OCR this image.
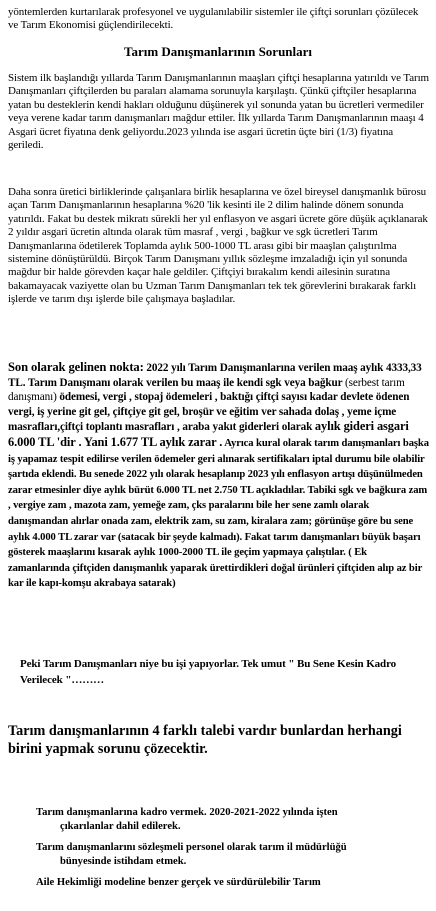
yöntemlerden kurtarılarak profesyonel ve uygulanılabilir sistemler ile çiftçi sorunları çözülecek ve Tarım Ekonomisi güçlendirilecekti.

Tarım Danışmanlarının Sorunları

Sistem ilk başlandığı yıllarda Tarım Danışmanlarının maaşları çiftçi hesaplarına yatırıldı ve Tarım Danışmanları çiftçilerden bu paraları alamama sorunuyla karşılaştı. Çünkü çiftçiler hesaplarına yatan bu desteklerin kendi hakları olduğunu düşünerek yıl sonunda yatan bu ücretleri vermediler veya verene kadar tarım danışmanları mağdur ettiler. İlk yıllarda Tarım Danışmanlarının maaşı 4 Asgari ücret fiyatına denk geliyordu.2023 yılında ise asgari ücretin üçte biri (1/3) fiyatına geriledi.

Daha sonra üretici birliklerinde çalışanlara birlik hesaplarına ve özel bireysel danışmanlık bürosu açan Tarım Danışmanlarının hesaplarına %20 'lik kesinti ile 2 dilim halinde dönem sonunda yatırıldı. Fakat bu destek mikratı sürekli her yıl enflasyon ve asgari ücrete göre düşük açıklanarak 2 yıldır asgari ücretin altında olarak tüm masraf , vergi , bağkur ve sgk ücretleri Tarım Danışmanlarına ödetilerek Toplamda aylık 500-1000 TL arası gibi bir maaşlan çalıştırılma sistemine dönüştürüldü. Birçok Tarım Danışmanı yıllık sözleşme imzaladığı için yıl sonunda mağdur bir halde görevden kaçar hale geldiler. Çiftçiyi bırakalım kendi ailesinin suratına bakamayacak vaziyette olan bu Uzman Tarım Danışmanları tek tek görevlerini bırakarak farklı işlerde ve tarım dışı işlerde bile çalışmaya başladılar.

Son olarak gelinen nokta: 2022 yılı Tarım Danışmanlarına verilen maaş aylık 4333,33 TL. Tarım Danışmanı olarak verilen bu maaş ile kendi sgk veya bağkur (serbest tarım danışmanı) ödemesi, vergi , stopaj ödemeleri , baktığı çiftçi sayısı kadar devlete ödenen vergi, iş yerine git gel, çiftçiye git gel, broşür ve eğitim ver sahada dolaş , yeme içme masrafları,çiftçi toplantı masrafları , araba yakıt giderleri olarak aylık gideri asgari 6.000 TL 'dir . Yani 1.677 TL aylık zarar . Ayrıca kural olarak tarım danışmanları başka iş yapamaz tespit edilirse verilen ödemeler geri alınarak sertifikaları iptal durumu bile olabilir şartıda eklendi. Bu senede 2022 yılı olarak hesaplanıp 2023 yılı enflasyon artışı düşünülmeden zarar etmesinler diye aylık bürüt 6.000 TL net 2.750 TL açıkladılar. Tabiki sgk ve bağkura zam , vergiye zam , mazota zam, yemeğe zam, çks paralarını bile her sene zamlı olarak danışmandan alırlar onada zam, elektrik zam, su zam, kiralara zam; görünüşe göre bu sene aylık 4.000 TL zarar var (satacak bir şeyde kalmadı). Fakat tarım danışmanları büyük başarı gösterek maaşlarını kısarak aylık 1000-2000 TL ile geçim yapmaya çalıştılar. ( Ek zamanlarında çiftçiden danışmanlık yaparak ürettirdikleri doğal ürünleri çiftçiden alıp az bir kar ile kapı-komşu akrabaya satarak)

Peki Tarım Danışmanları niye bu işi yapıyorlar. Tek umut " Bu Sene Kesin Kadro Verilecek "………

Tarım danışmanlarının 4 farklı talebi vardır bunlardan herhangi birini yapmak sorunu çözecektir.

Tarım danışmanlarına kadro vermek. 2020-2021-2022 yılında işten
çıkarılanlar dahil edilerek.
Tarım danışmanlarını sözleşmeli personel olarak tarım il müdürlüğü
bünyesinde istihdam etmek.
Aile Hekimliği modeline benzer gerçek ve sürdürülebilir Tarım
